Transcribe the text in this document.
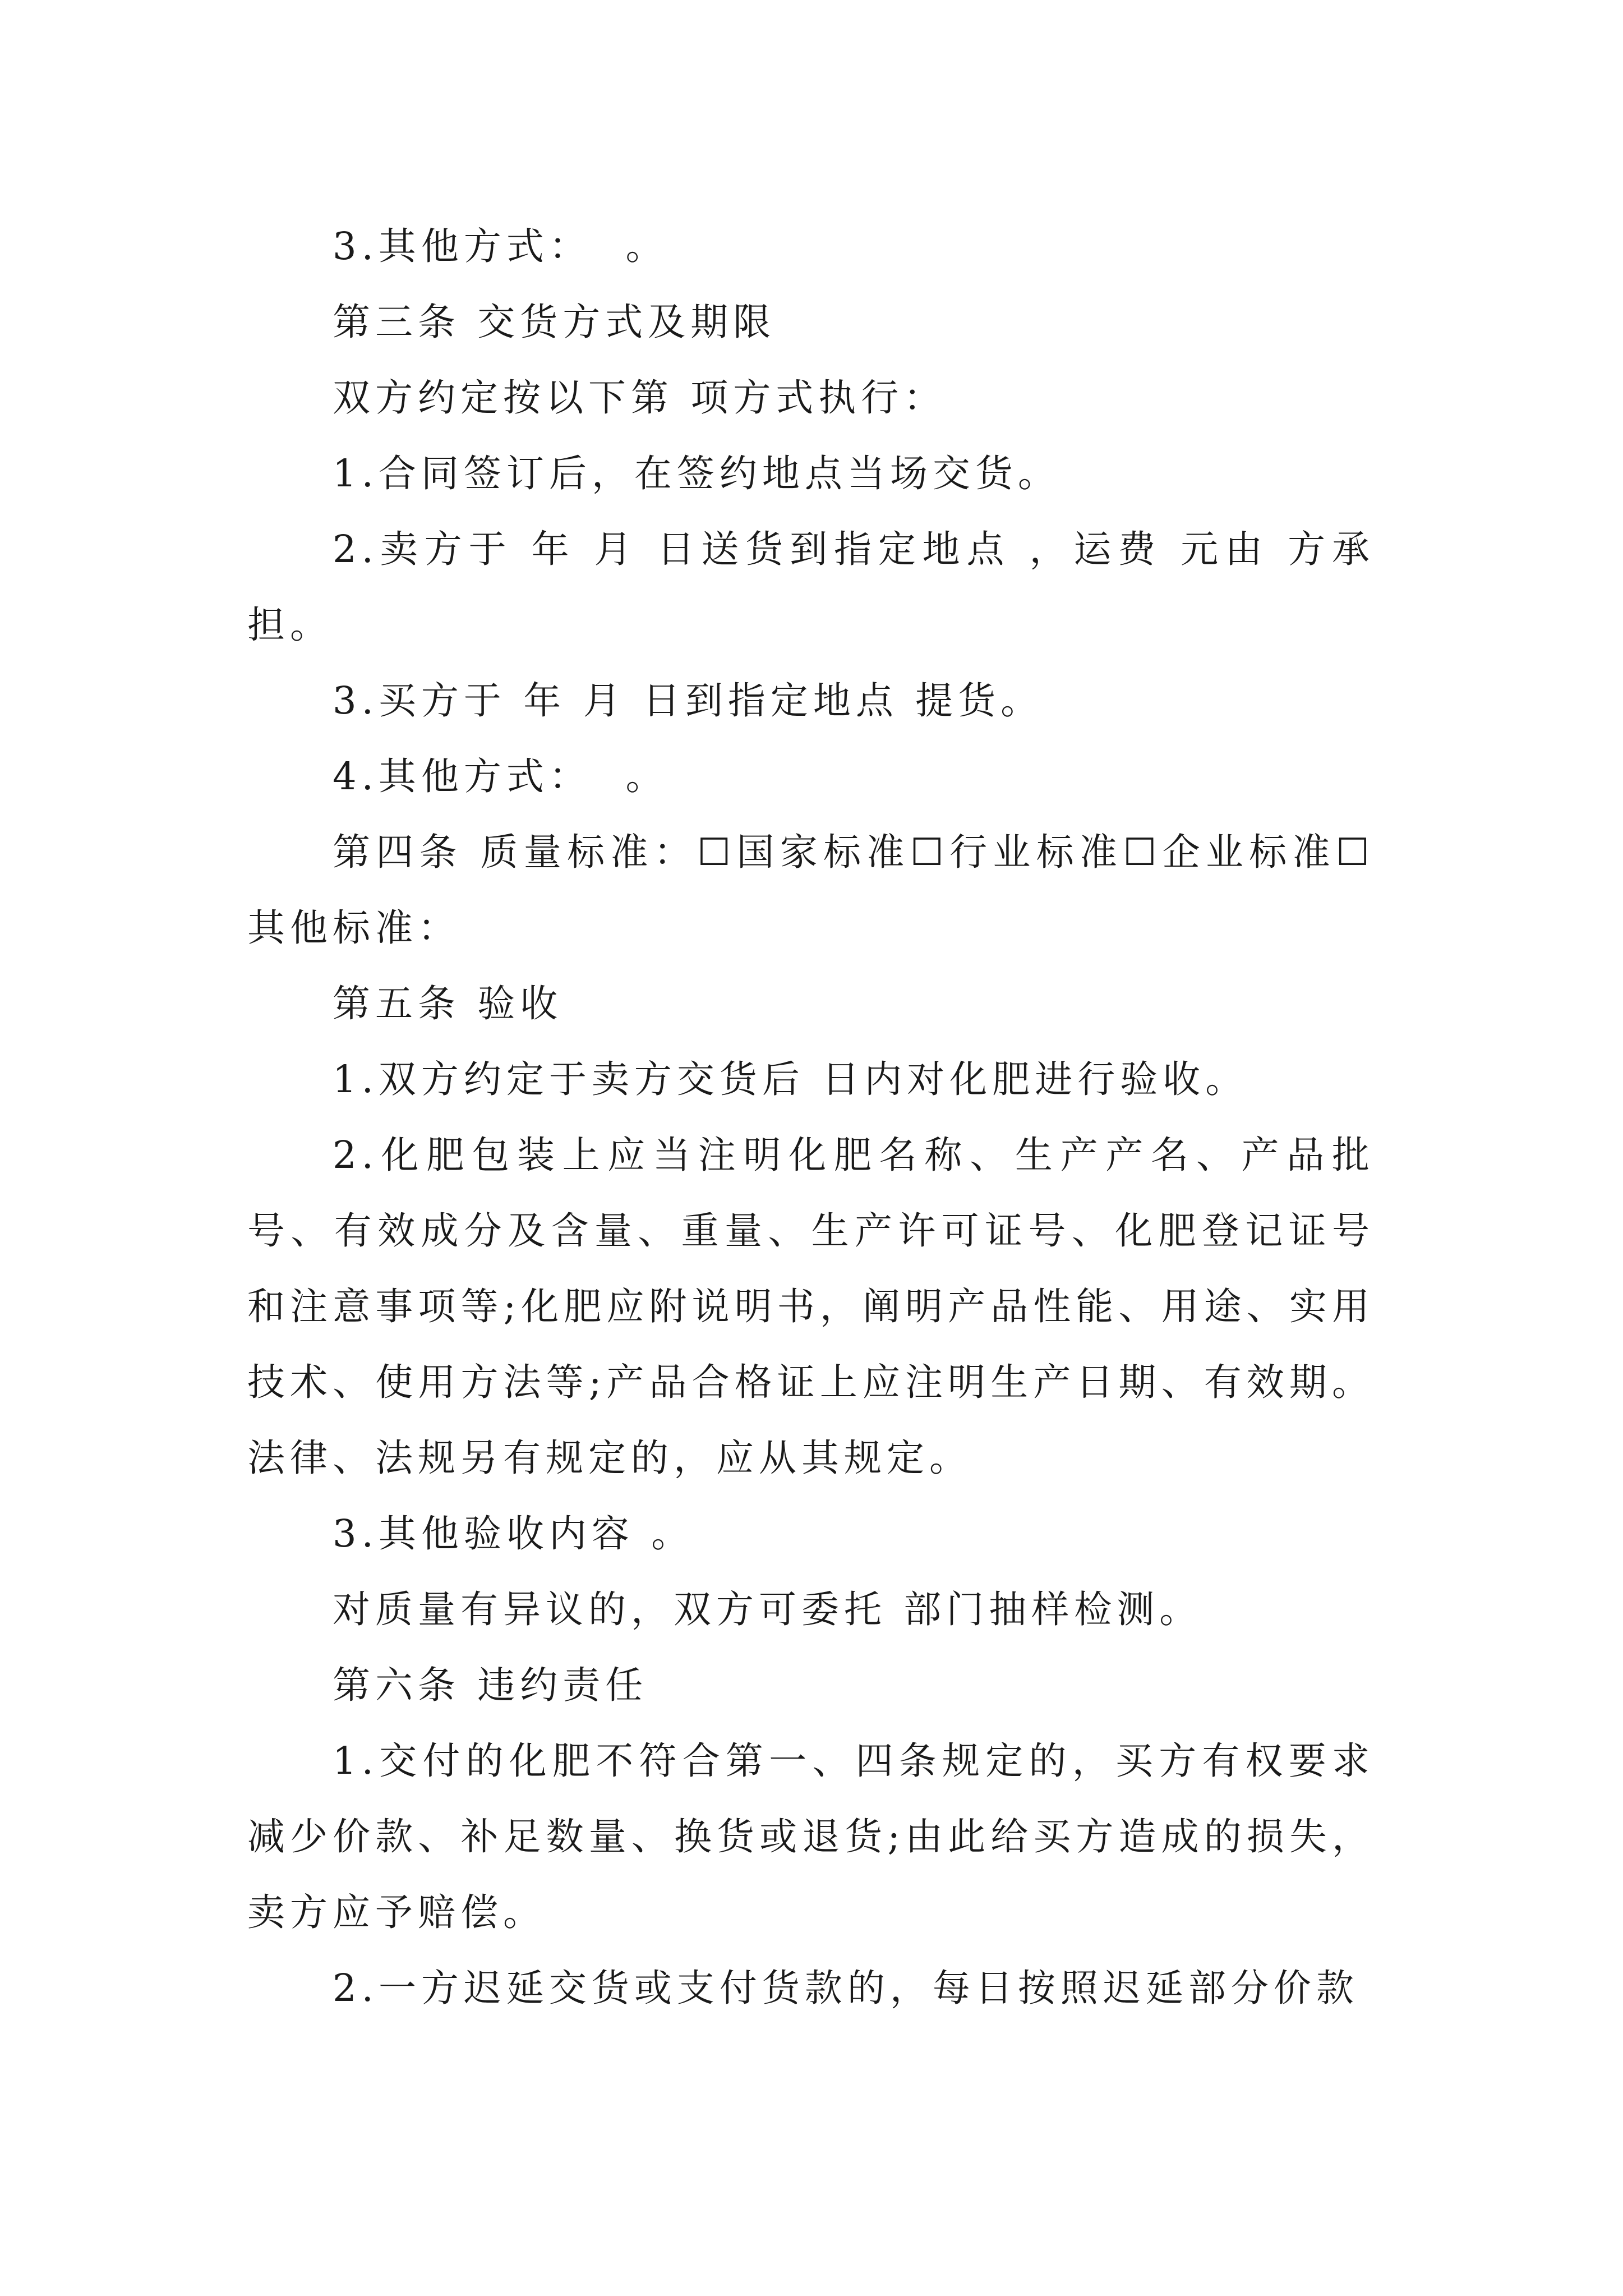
3.其他方式：  。

第三条 交货方式及期限

双方约定按以下第 项方式执行：

1.合同签订后，在签约地点当场交货。

2.卖方于 年 月 日送货到指定地点 ，运费 元由 方承担。

3.买方于 年 月 日到指定地点 提货。

4.其他方式：  。

第四条 质量标准：☐国家标准☐行业标准☐企业标准☐其他标准：

第五条 验收

1.双方约定于卖方交货后 日内对化肥进行验收。

2.化肥包装上应当注明化肥名称、生产产名、产品批号、有效成分及含量、重量、生产许可证号、化肥登记证号和注意事项等;化肥应附说明书，阐明产品性能、用途、实用技术、使用方法等;产品合格证上应注明生产日期、有效期。法律、法规另有规定的，应从其规定。

3.其他验收内容 。

对质量有异议的，双方可委托 部门抽样检测。

第六条 违约责任

1.交付的化肥不符合第一、四条规定的，买方有权要求减少价款、补足数量、换货或退货;由此给买方造成的损失，卖方应予赔偿。

2.一方迟延交货或支付货款的，每日按照迟延部分价款
